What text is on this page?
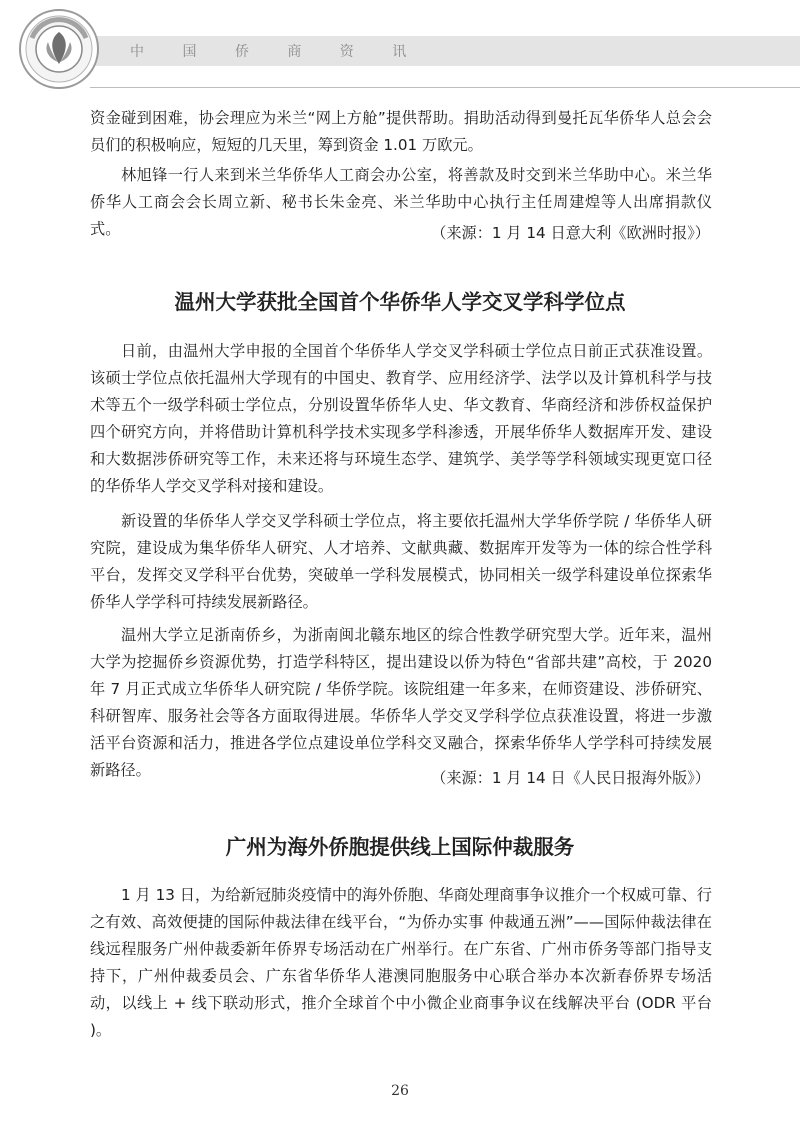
中 国 侨 商 资 讯

资金碰到困难，协会理应为米兰“网上方舱”提供帮助。捐助活动得到曼托瓦华侨华人总会会员们的积极响应，短短的几天里，筹到资金 1.01 万欧元。

林旭锋一行人来到米兰华侨华人工商会办公室，将善款及时交到米兰华助中心。米兰华侨华人工商会会长周立新、秘书长朱金亮、米兰华助中心执行主任周建煌等人出席捐款仪式。	（来源：1 月 14 日意大利《欧洲时报》）

温州大学获批全国首个华侨华人学交叉学科学位点

日前，由温州大学申报的全国首个华侨华人学交叉学科硕士学位点日前正式获准设置。该硕士学位点依托温州大学现有的中国史、教育学、应用经济学、法学以及计算机科学与技术等五个一级学科硕士学位点，分别设置华侨华人史、华文教育、华商经济和涉侨权益保护四个研究方向，并将借助计算机科学技术实现多学科渗透，开展华侨华人数据库开发、建设和大数据涉侨研究等工作，未来还将与环境生态学、建筑学、美学等学科领域实现更宽口径的华侨华人学交叉学科对接和建设。

新设置的华侨华人学交叉学科硕士学位点，将主要依托温州大学华侨学院 / 华侨华人研究院，建设成为集华侨华人研究、人才培养、文献典藏、数据库开发等为一体的综合性学科平台，发挥交叉学科平台优势，突破单一学科发展模式，协同相关一级学科建设单位探索华侨华人学学科可持续发展新路径。

温州大学立足浙南侨乡，为浙南闽北赣东地区的综合性教学研究型大学。近年来，温州大学为挖掘侨乡资源优势，打造学科特区，提出建设以侨为特色“省部共建”高校，于 2020 年 7 月正式成立华侨华人研究院 / 华侨学院。该院组建一年多来，在师资建设、涉侨研究、科研智库、服务社会等各方面取得进展。华侨华人学交叉学科学位点获准设置，将进一步激活平台资源和活力，推进各学位点建设单位学科交叉融合，探索华侨华人学学科可持续发展新路径。	（来源：1 月 14 日《人民日报海外版》）

广州为海外侨胞提供线上国际仲裁服务

1 月 13 日，为给新冠肺炎疫情中的海外侨胞、华商处理商事争议推介一个权威可靠、行之有效、高效便捷的国际仲裁法律在线平台，“为侨办实事 仲裁通五洲”——国际仲裁法律在线远程服务广州仲裁委新年侨界专场活动在广州举行。在广东省、广州市侨务等部门指导支持下，广州仲裁委员会、广东省华侨华人港澳同胞服务中心联合举办本次新春侨界专场活动，以线上 + 线下联动形式，推介全球首个中小微企业商事争议在线解决平台 (ODR 平台 )。

26
